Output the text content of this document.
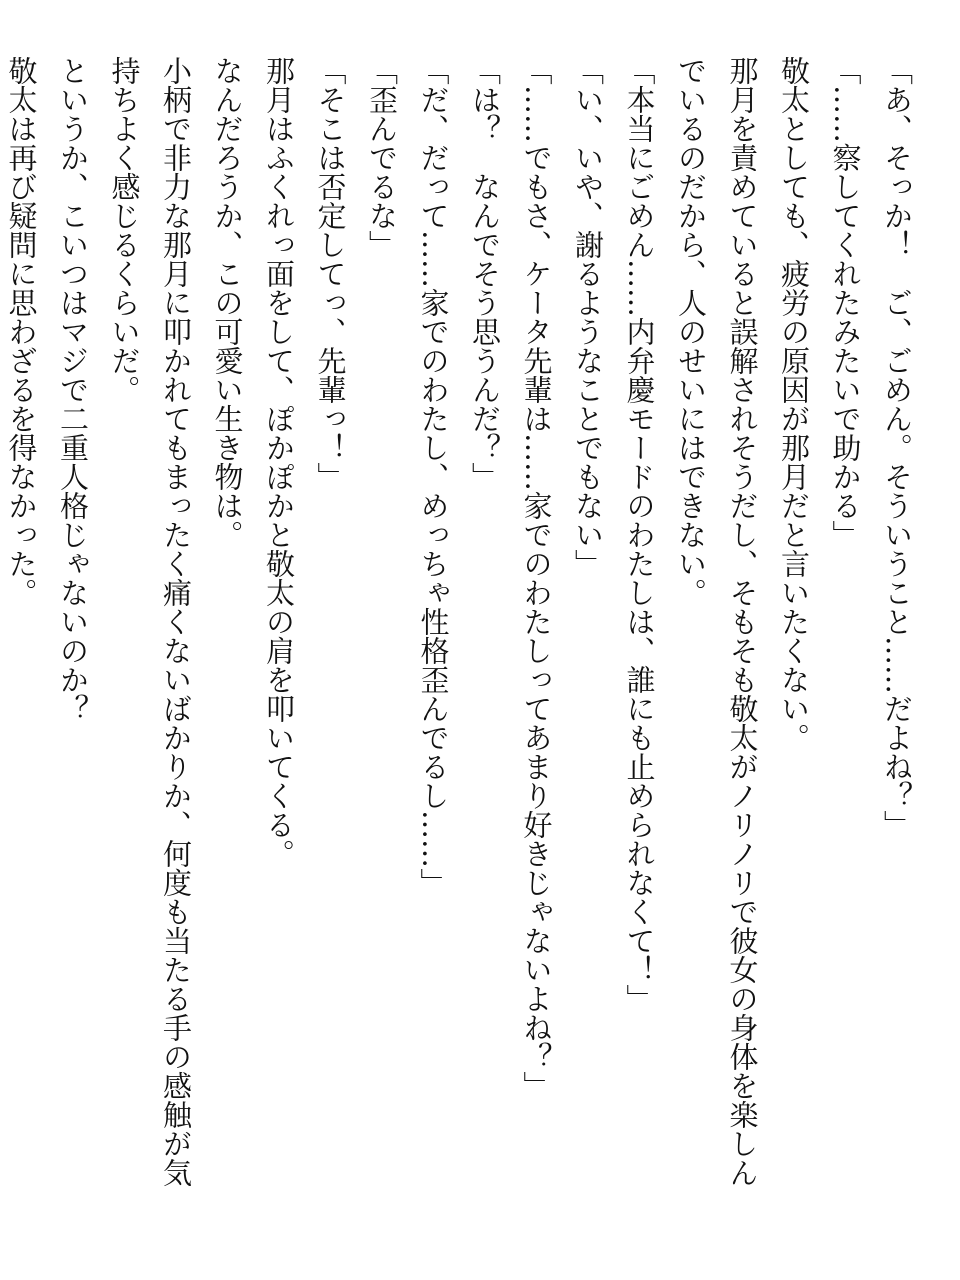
「あ、そっか！　ご、ごめん。そういうこと……だよね？」

「……察してくれたみたいで助かる」

敬太としても、疲労の原因が那月だと言いたくない。

那月を責めていると誤解されそうだし、そもそも敬太がノリノリで彼女の身体を楽しん

でいるのだから、人のせいにはできない。

「本当にごめん……内弁慶モードのわたしは、誰にも止められなくて！」

「い、いや、謝るようなことでもない」

「……でもさ、ケータ先輩は……家でのわたしってあまり好きじゃないよね？」

「は？　なんでそう思うんだ？」

「だ、だって……家でのわたし、めっちゃ性格歪んでるし……」

「歪んでるな」

「そこは否定してっ、先輩っ！」

那月はふくれっ面をして、ぽかぽかと敬太の肩を叩いてくる。

なんだろうか、この可愛い生き物は。

小柄で非力な那月に叩かれてもまったく痛くないばかりか、何度も当たる手の感触が気

持ちよく感じるくらいだ。

というか、こいつはマジで二重人格じゃないのか？

敬太は再び疑問に思わざるを得なかった。
